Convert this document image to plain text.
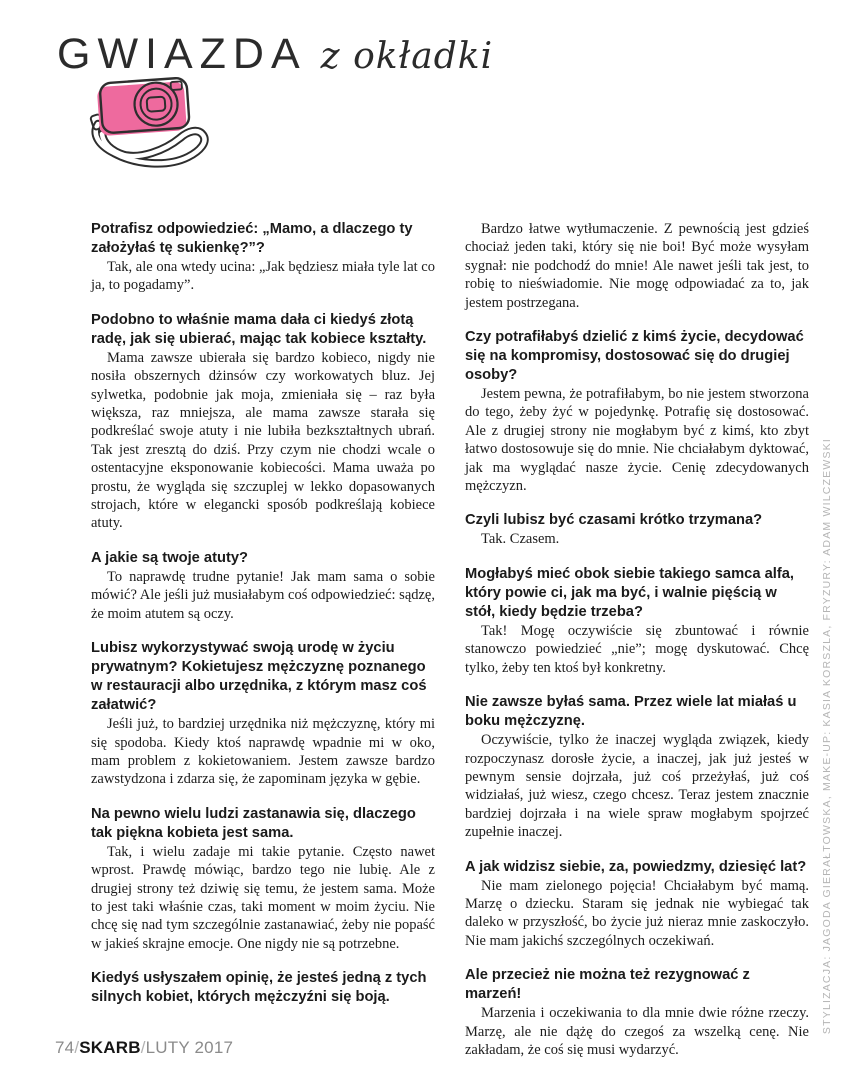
GWIAZDA z okładki

Potrafisz odpowiedzieć: „Mamo, a dlaczego ty założyłaś tę sukienkę?”?

Tak, ale ona wtedy ucina: „Jak będziesz miała tyle lat co ja, to pogadamy”.

Podobno to właśnie mama dała ci kiedyś złotą radę, jak się ubierać, mając tak kobiece kształty.

Mama zawsze ubierała się bardzo kobieco, nigdy nie nosiła obszernych dżinsów czy workowatych bluz. Jej sylwetka, podobnie jak moja, zmieniała się – raz była większa, raz mniejsza, ale mama zawsze starała się podkreślać swoje atuty i nie lubiła bezkształtnych ubrań. Tak jest zresztą do dziś. Przy czym nie chodzi wcale o ostentacyjne eksponowanie kobiecości. Mama uważa po prostu, że wygląda się szczuplej w lekko dopasowanych strojach, które w elegancki sposób podkreślają kobiece atuty.

A jakie są twoje atuty?

To naprawdę trudne pytanie! Jak mam sama o sobie mówić? Ale jeśli już musiałabym coś odpowiedzieć: sądzę, że moim atutem są oczy.

Lubisz wykorzystywać swoją urodę w życiu prywatnym? Kokietujesz mężczyznę poznanego w restauracji albo urzędnika, z którym masz coś załatwić?

Jeśli już, to bardziej urzędnika niż mężczyznę, który mi się spodoba. Kiedy ktoś naprawdę wpadnie mi w oko, mam problem z kokietowaniem. Jestem zawsze bardzo zawstydzona i zdarza się, że zapominam języka w gębie.

Na pewno wielu ludzi zastanawia się, dlaczego tak piękna kobieta jest sama.

Tak, i wielu zadaje mi takie pytanie. Często nawet wprost. Prawdę mówiąc, bardzo tego nie lubię. Ale z drugiej strony też dziwię się temu, że jestem sama. Może to jest taki właśnie czas, taki moment w moim życiu. Nie chcę się nad tym szczególnie zastanawiać, żeby nie popaść w jakieś skrajne emocje. One nigdy nie są potrzebne.

Kiedyś usłyszałem opinię, że jesteś jedną z tych silnych kobiet, których mężczyźni się boją.

Bardzo łatwe wytłumaczenie. Z pewnością jest gdzieś chociaż jeden taki, który się nie boi! Być może wysyłam sygnał: nie podchodź do mnie! Ale nawet jeśli tak jest, to robię to nieświadomie. Nie mogę odpowiadać za to, jak jestem postrzegana.

Czy potrafiłabyś dzielić z kimś życie, decydować się na kompromisy, dostosować się do drugiej osoby?

Jestem pewna, że potrafiłabym, bo nie jestem stworzona do tego, żeby żyć w pojedynkę. Potrafię się dostosować. Ale z drugiej strony nie mogłabym być z kimś, kto zbyt łatwo dostosowuje się do mnie. Nie chciałabym dyktować, jak ma wyglądać nasze życie. Cenię zdecydowanych mężczyzn.

Czyli lubisz być czasami krótko trzymana?

Tak. Czasem.

Mogłabyś mieć obok siebie takiego samca alfa, który powie ci, jak ma być, i walnie pięścią w stół, kiedy będzie trzeba?

Tak! Mogę oczywiście się zbuntować i równie stanowczo powiedzieć „nie”; mogę dyskutować. Chcę tylko, żeby ten ktoś był konkretny.

Nie zawsze byłaś sama. Przez wiele lat miałaś u boku mężczyznę.

Oczywiście, tylko że inaczej wygląda związek, kiedy rozpoczynasz dorosłe życie, a inaczej, jak już jesteś w pewnym sensie dojrzała, już coś przeżyłaś, już coś widziałaś, już wiesz, czego chcesz. Teraz jestem znacznie bardziej dojrzała i na wiele spraw mogłabym spojrzeć zupełnie inaczej.

A jak widzisz siebie, za, powiedzmy, dziesięć lat?

Nie mam zielonego pojęcia! Chciałabym być mamą. Marzę o dziecku. Staram się jednak nie wybiegać tak daleko w przyszłość, bo życie już nieraz mnie zaskoczyło. Nie mam jakichś szczególnych oczekiwań.

Ale przecież nie można też rezygnować z marzeń!

Marzenia i oczekiwania to dla mnie dwie różne rzeczy. Marzę, ale nie dążę do czegoś za wszelką cenę. Nie zakładam, że coś się musi wydarzyć.

STYLIZACJA: JAGODA GIERAŁTOWSKA, MAKE-UP: KASIA KORSZLA, FRYZURY: ADAM WILCZEWSKI
74/SKARB/LUTY 2017
